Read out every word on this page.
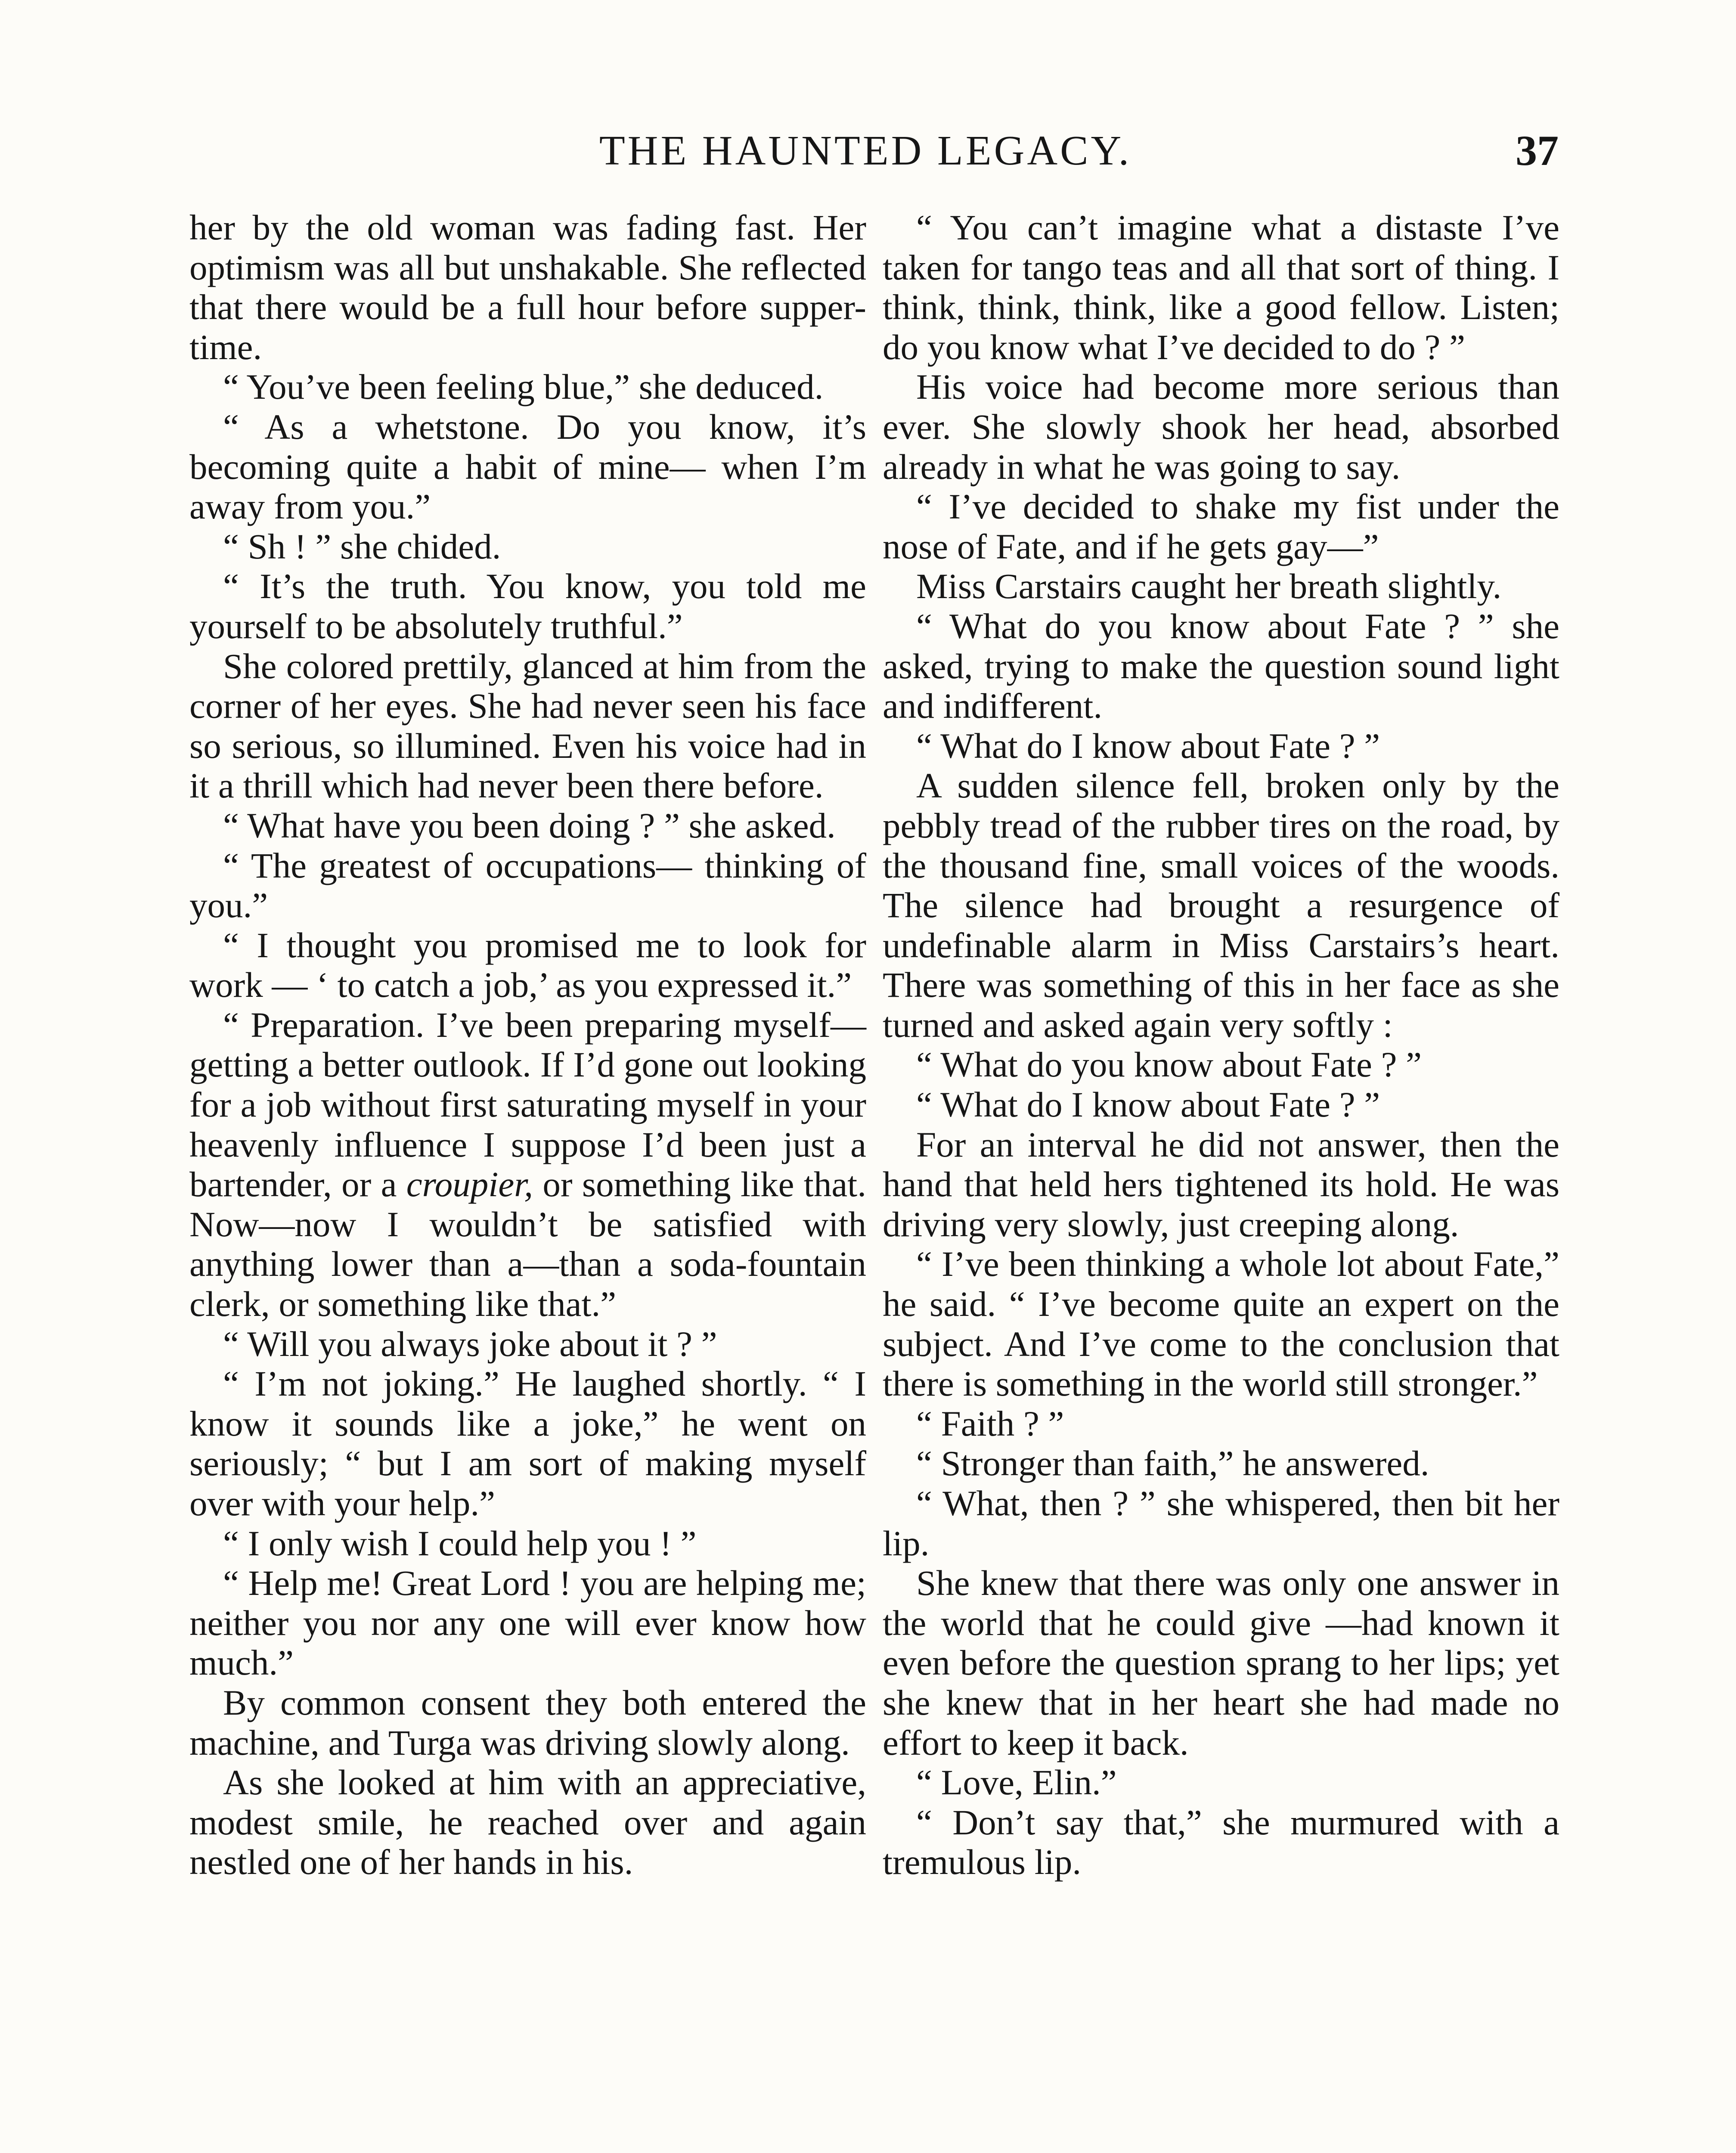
THE HAUNTED LEGACY.	37

her by the old woman was fading fast. Her optimism was all but unshakable. She reflected that there would be a full hour before supper-time.

“ You’ve been feeling blue,” she deduced.

“ As a whetstone. Do you know, it’s becoming quite a habit of mine— when I’m away from you.”

“ Sh ! ” she chided.

“ It’s the truth. You know, you told me yourself to be absolutely truthful.”

She colored prettily, glanced at him from the corner of her eyes. She had never seen his face so serious, so illumined. Even his voice had in it a thrill which had never been there before.

“ What have you been doing ? ” she asked.

“ The greatest of occupations— thinking of you.”

“ I thought you promised me to look for work — ‘ to catch a job,’ as you expressed it.”

“ Preparation. I’ve been preparing myself—getting a better outlook. If I’d gone out looking for a job without first saturating myself in your heavenly influence I suppose I’d been just a bartender, or a croupier, or something like that. Now—now I wouldn’t be satisfied with anything lower than a—than a soda-fountain clerk, or something like that.”

“ Will you always joke about it ? ”

“ I’m not joking.” He laughed shortly. “ I know it sounds like a joke,” he went on seriously; “ but I am sort of making myself over with your help.”

“ I only wish I could help you ! ”

“ Help me! Great Lord ! you are helping me; neither you nor any one will ever know how much.”

By common consent they both entered the machine, and Turga was driving slowly along.

As she looked at him with an appreciative, modest smile, he reached over and again nestled one of her hands in his.

“ You can’t imagine what a distaste I’ve taken for tango teas and all that sort of thing. I think, think, think, like a good fellow. Listen; do you know what I’ve decided to do ? ”

His voice had become more serious than ever. She slowly shook her head, absorbed already in what he was going to say.

“ I’ve decided to shake my fist under the nose of Fate, and if he gets gay—”

Miss Carstairs caught her breath slightly.

“ What do you know about Fate ? ” she asked, trying to make the question sound light and indifferent.

“ What do I know about Fate ? ”

A sudden silence fell, broken only by the pebbly tread of the rubber tires on the road, by the thousand fine, small voices of the woods. The silence had brought a resurgence of undefinable alarm in Miss Carstairs’s heart. There was something of this in her face as she turned and asked again very softly :

“ What do you know about Fate ? ”

“ What do I know about Fate ? ”

For an interval he did not answer, then the hand that held hers tightened its hold. He was driving very slowly, just creeping along.

“ I’ve been thinking a whole lot about Fate,” he said. “ I’ve become quite an expert on the subject. And I’ve come to the conclusion that there is something in the world still stronger.”

“ Faith ? ”

“ Stronger than faith,” he answered.

“ What, then ? ” she whispered, then bit her lip.

She knew that there was only one answer in the world that he could give —had known it even before the question sprang to her lips; yet she knew that in her heart she had made no effort to keep it back.

“ Love, Elin.”

“ Don’t say that,” she murmured with a tremulous lip.
